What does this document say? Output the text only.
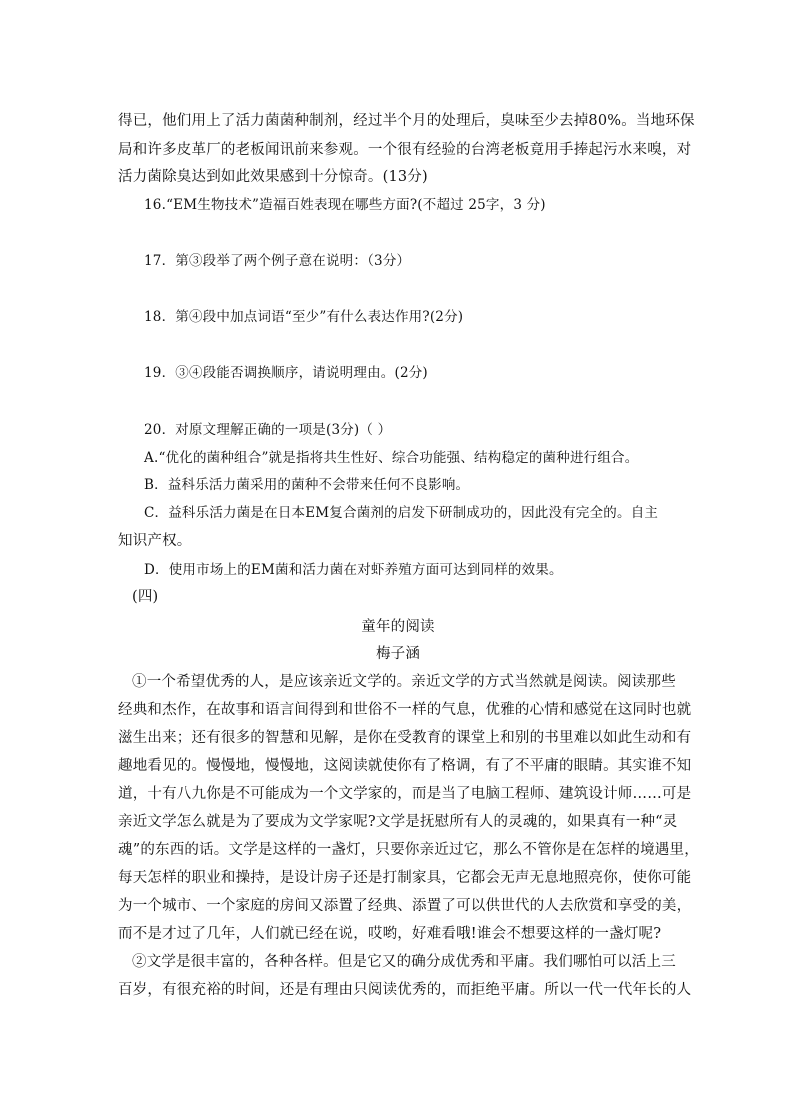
得已，他们用上了活力菌菌种制剂，经过半个月的处理后，臭味至少去掉80%。当地环保
局和许多皮革厂的老板闻讯前来参观。一个很有经验的台湾老板竟用手捧起污水来嗅，对
活力菌除臭达到如此效果感到十分惊奇。(13分)
16.“EM生物技术”造福百姓表现在哪些方面?(不超过 25字，3 分)
17．第③段举了两个例子意在说明：（3分）
18．第④段中加点词语“至少”有什么表达作用?(2分)
19．③④段能否调换顺序，请说明理由。(2分)
20．对原文理解正确的一项是(3分)（ ）
A.“优化的菌种组合”就是指将共生性好、综合功能强、结构稳定的菌种进行组合。
B．益科乐活力菌采用的菌种不会带来任何不良影响。
C．益科乐活力菌是在日本EM复合菌剂的启发下研制成功的，因此没有完全的。自主
知识产权。
D．使用市场上的EM菌和活力菌在对虾养殖方面可达到同样的效果。
(四)
童年的阅读
梅子涵
①一个希望优秀的人，是应该亲近文学的。亲近文学的方式当然就是阅读。阅读那些
经典和杰作，在故事和语言间得到和世俗不一样的气息，优雅的心情和感觉在这同时也就
滋生出来；还有很多的智慧和见解，是你在受教育的课堂上和别的书里难以如此生动和有
趣地看见的。慢慢地，慢慢地，这阅读就使你有了格调，有了不平庸的眼睛。其实谁不知
道，十有八九你是不可能成为一个文学家的，而是当了电脑工程师、建筑设计师……可是
亲近文学怎么就是为了要成为文学家呢?文学是抚慰所有人的灵魂的，如果真有一种“灵
魂”的东西的话。文学是这样的一盏灯，只要你亲近过它，那么不管你是在怎样的境遇里，
每天怎样的职业和操持，是设计房子还是打制家具，它都会无声无息地照亮你，使你可能
为一个城市、一个家庭的房间又添置了经典、添置了可以供世代的人去欣赏和享受的美，
而不是才过了几年，人们就已经在说，哎哟，好难看哦!谁会不想要这样的一盏灯呢?
②文学是很丰富的，各种各样。但是它又的确分成优秀和平庸。我们哪怕可以活上三
百岁，有很充裕的时间，还是有理由只阅读优秀的，而拒绝平庸。所以一代一代年长的人
